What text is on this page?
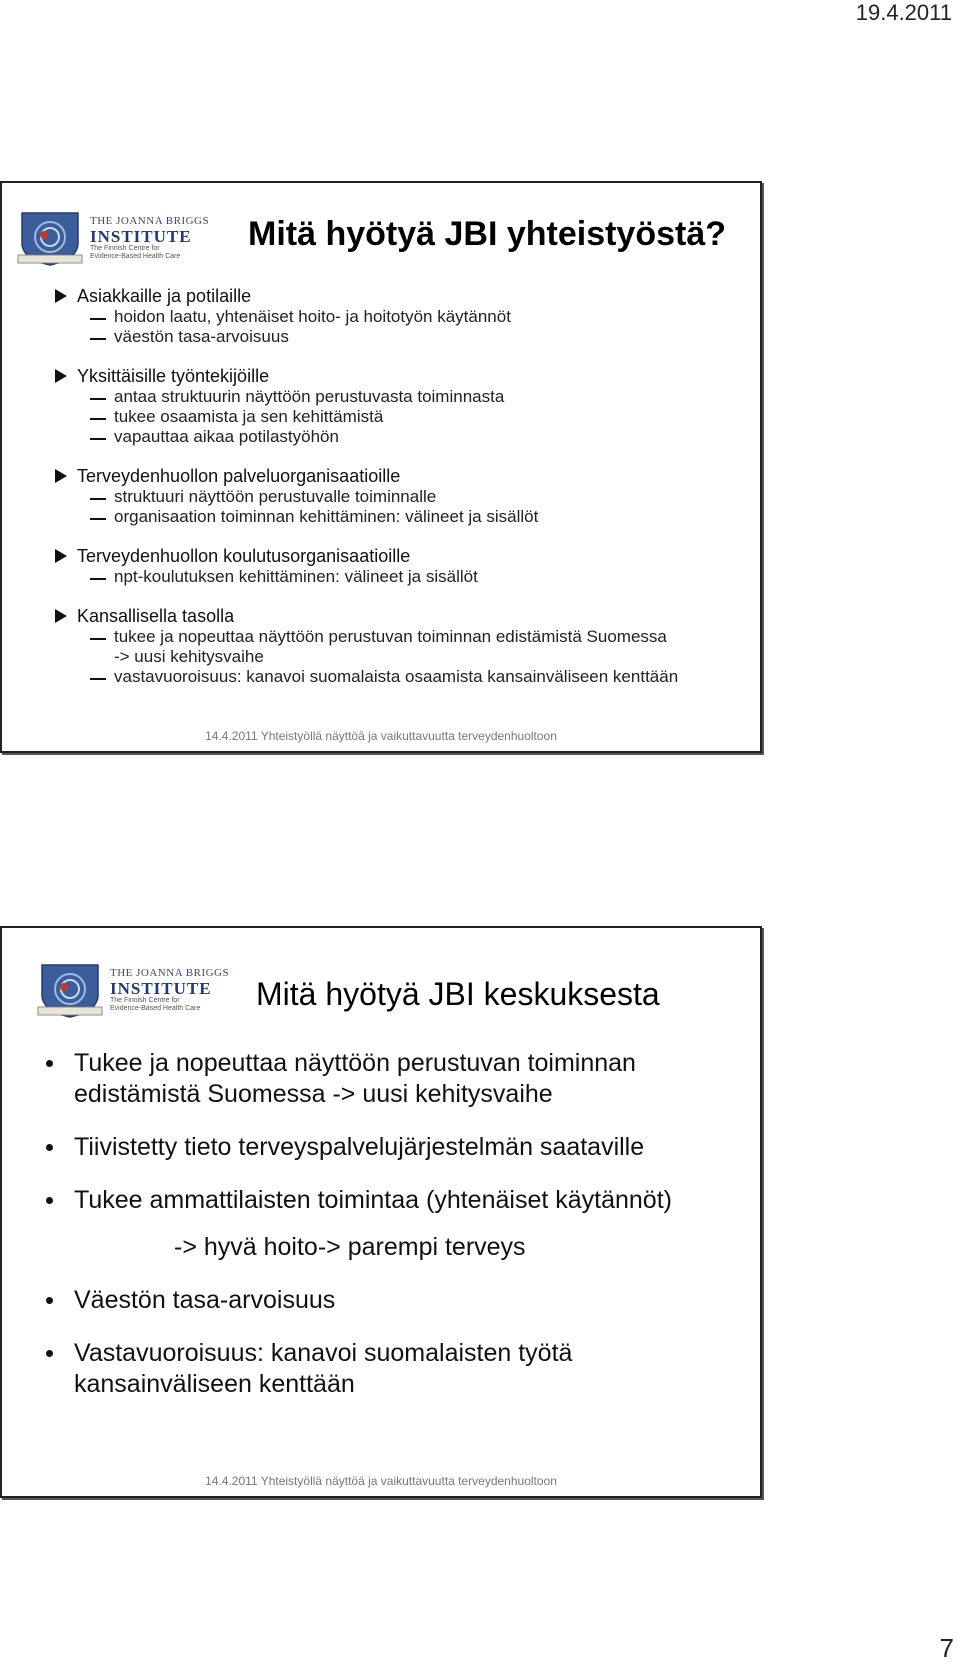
19.4.2011
THE JOANNA BRIGGS
INSTITUTE
The Finnish Centre for
Evidence-Based Health Care
Mitä hyötyä JBI yhteistyöstä?
Asiakkaille ja potilaille
hoidon laatu, yhtenäiset hoito- ja hoitotyön käytännöt
väestön tasa-arvoisuus
Yksittäisille työntekijöille
antaa struktuurin näyttöön perustuvasta toiminnasta
tukee osaamista ja sen kehittämistä
vapauttaa aikaa potilastyöhön
Terveydenhuollon palveluorganisaatioille
struktuuri näyttöön perustuvalle toiminnalle
organisaation toiminnan kehittäminen: välineet ja sisällöt
Terveydenhuollon koulutusorganisaatioille
npt-koulutuksen kehittäminen: välineet ja sisällöt
Kansallisella tasolla
tukee ja nopeuttaa näyttöön perustuvan toiminnan edistämistä Suomessa
-> uusi kehitysvaihe
vastavuoroisuus: kanavoi suomalaista osaamista kansainväliseen kenttään
14.4.2011 Yhteistyöllä näyttöä ja vaikuttavuutta terveydenhuoltoon
THE JOANNA BRIGGS
INSTITUTE
The Finnish Centre for
Evidence-Based Health Care	Mitä hyötyä JBI keskuksesta
Tukee ja nopeuttaa näyttöön perustuvan toiminnan edistämistä Suomessa -> uusi kehitysvaihe
Tiivistetty tieto terveyspalvelujärjestelmän saataville
Tukee ammattilaisten toimintaa (yhtenäiset käytännöt)
-> hyvä hoito-> parempi terveys
Väestön tasa-arvoisuus
Vastavuoroisuus: kanavoi suomalaisten työtä kansainväliseen kenttään
14.4.2011 Yhteistyöllä näyttöä ja vaikuttavuutta terveydenhuoltoon
7
